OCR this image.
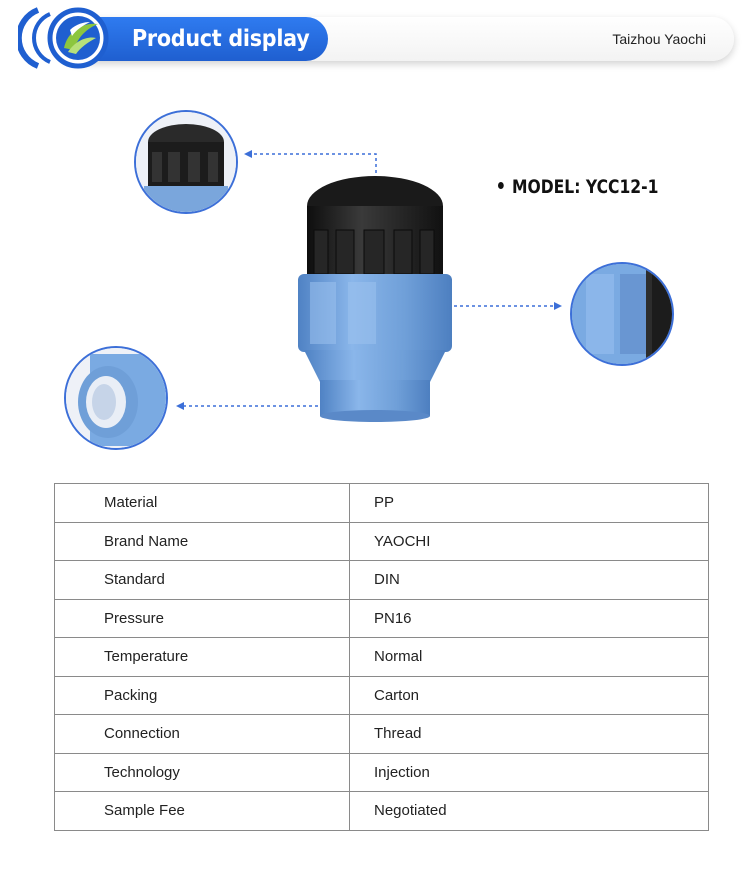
Product display	Taizhou Yaochi
MODEL: YCC12-1
Material	PP
Brand Name	YAOCHI
Standard	DIN
Pressure	PN16
Temperature	Normal
Packing	Carton
Connection	Thread
Technology	Injection
Sample Fee	Negotiated
